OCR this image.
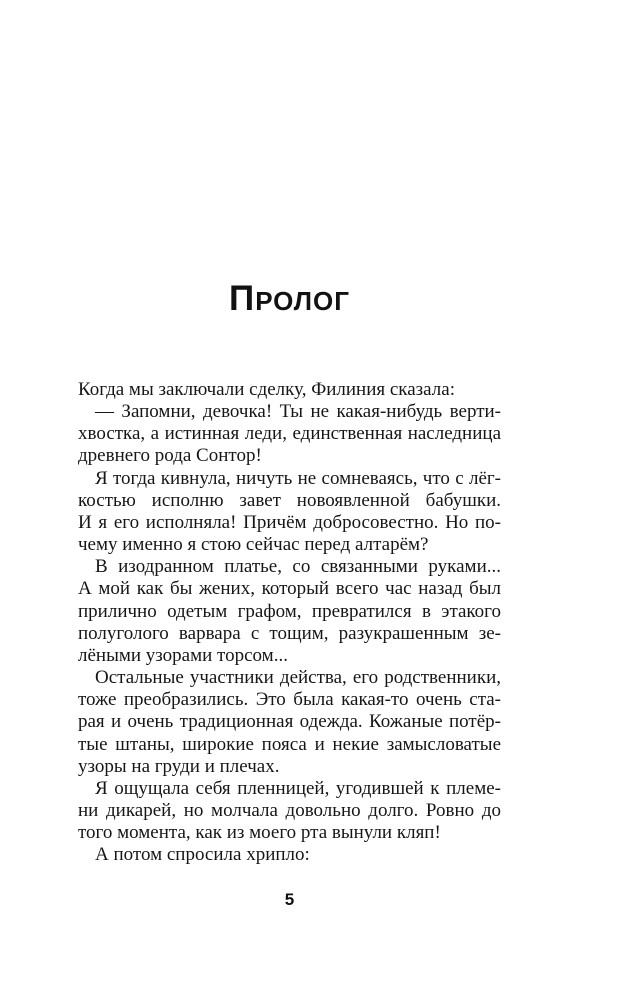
ПРОЛОГ
Когда мы заключали сделку, Филиния сказала:
— Запомни, девочка! Ты не какая-нибудь верти-
хвостка, а истинная леди, единственная наследница
древнего рода Сонтор!
Я тогда кивнула, ничуть не сомневаясь, что с лёг-
костью исполню завет новоявленной бабушки.
И я его исполняла! Причём добросовестно. Но по-
чему именно я стою сейчас перед алтарём?
В изодранном платье, со связанными руками...
А мой как бы жених, который всего час назад был
прилично одетым графом, превратился в этакого
полуголого варвара с тощим, разукрашенным зе-
лёными узорами торсом...
Остальные участники действа, его родственники,
тоже преобразились. Это была какая-то очень ста-
рая и очень традиционная одежда. Кожаные потёр-
тые штаны, широкие пояса и некие замысловатые
узоры на груди и плечах.
Я ощущала себя пленницей, угодившей к племе-
ни дикарей, но молчала довольно долго. Ровно до
того момента, как из моего рта вынули кляп!
А потом спросила хрипло:
5
